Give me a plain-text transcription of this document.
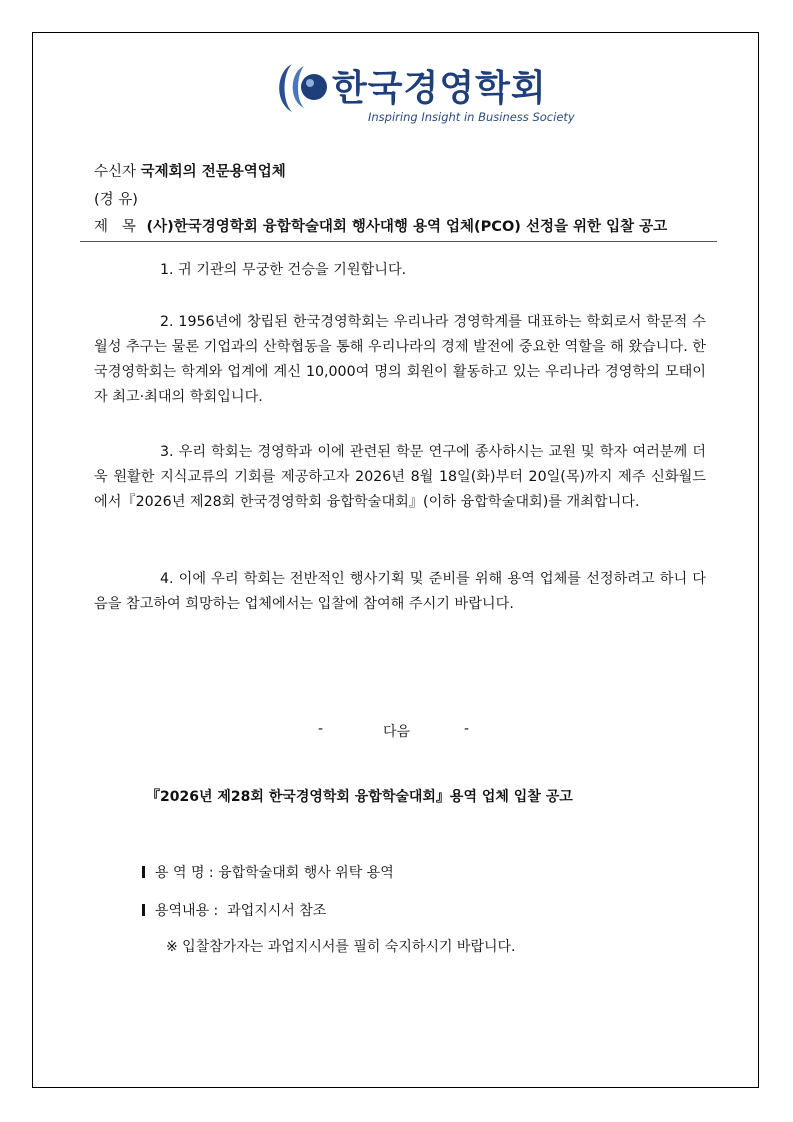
한국경영학회
Inspiring Insight in Business Society
수신자 국제회의 전문용역업체
(경 유)
제   목 (사)한국경영학회 융합학술대회 행사대행 용역 업체(PCO) 선정을 위한 입찰 공고
1. 귀 기관의 무궁한 건승을 기원합니다.
2. 1956년에 창립된 한국경영학회는 우리나라 경영학계를 대표하는 학회로서 학문적 수월성 추구는 물론 기업과의 산학협동을 통해 우리나라의 경제 발전에 중요한 역할을 해 왔습니다. 한국경영학회는 학계와 업계에 계신 10,000여 명의 회원이 활동하고 있는 우리나라 경영학의 모태이자 최고·최대의 학회입니다.
3. 우리 학회는 경영학과 이에 관련된 학문 연구에 종사하시는 교원 및 학자 여러분께 더욱 원활한 지식교류의 기회를 제공하고자 2026년 8월 18일(화)부터 20일(목)까지 제주 신화월드에서『2026년 제28회 한국경영학회 융합학술대회』(이하 융합학술대회)를 개최합니다.
4. 이에 우리 학회는 전반적인 행사기획 및 준비를 위해 용역 업체를 선정하려고 하니 다음을 참고하여 희망하는 업체에서는 입찰에 참여해 주시기 바랍니다.
-	다음	-
『2026년 제28회 한국경영학회 융합학술대회』용역 업체 입찰 공고
용 역 명 : 융합학술대회 행사 위탁 용역
용역내용 :  과업지시서 참조
※ 입찰참가자는 과업지시서를 필히 숙지하시기 바랍니다.
